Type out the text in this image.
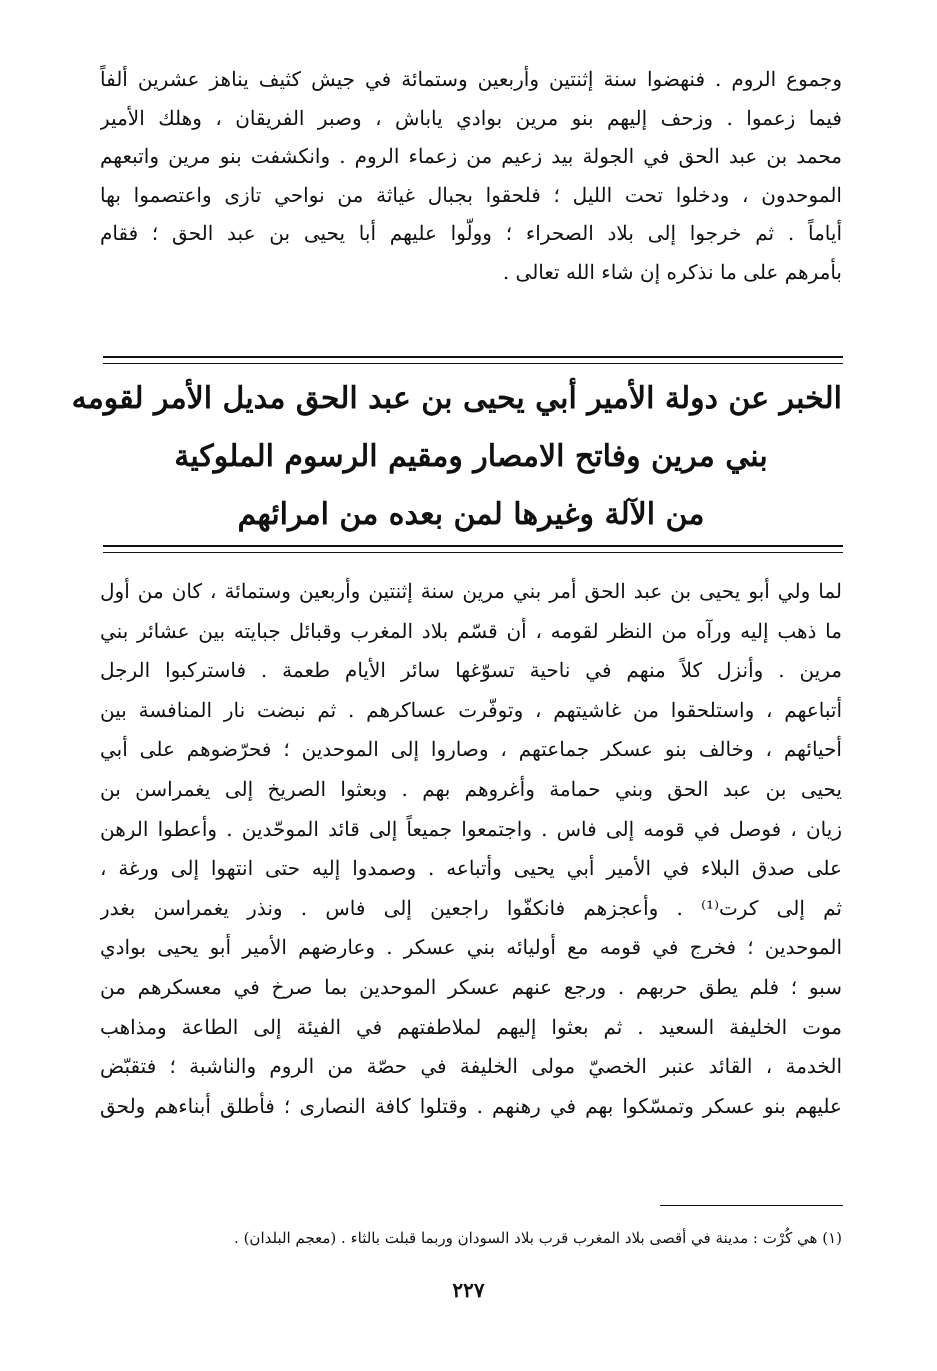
وجموع الروم . فنهضوا سنة إثنتين وأربعين وستمائة في جيش كثيف يناهز عشرين ألفاً
فيما زعموا . وزحف إليهم بنو مرين بوادي ياباش ، وصبر الفريقان ، وهلك الأمير
محمد بن عبد الحق في الجولة بيد زعيم من زعماء الروم . وانكشفت بنو مرين واتبعهم
الموحدون ، ودخلوا تحت الليل ؛ فلحقوا بجبال غياثة من نواحي تازى واعتصموا بها
أياماً . ثم خرجوا إلى بلاد الصحراء ؛ وولّوا عليهم أبا يحيى بن عبد الحق ؛ فقام
بأمرهم على ما نذكره إن شاء الله تعالى .
الخبر عن دولة الأمير أبي يحيى بن عبد الحق مديل الأمر لقومه
بني مرين وفاتح الامصار ومقيم الرسوم الملوكية
من الآلة وغيرها لمن بعده من امرائهم
لما ولي أبو يحيى بن عبد الحق أمر بني مرين سنة إثنتين وأربعين وستمائة ، كان من أول
ما ذهب إليه ورآه من النظر لقومه ، أن قسّم بلاد المغرب وقبائل جبايته بين عشائر بني
مرين . وأنزل كلاً منهم في ناحية تسوّغها سائر الأيام طعمة . فاستركبوا الرجل
أتباعهم ، واستلحقوا من غاشيتهم ، وتوفّرت عساكرهم . ثم نبضت نار المنافسة بين
أحيائهم ، وخالف بنو عسكر جماعتهم ، وصاروا إلى الموحدين ؛ فحرّضوهم على أبي
يحيى بن عبد الحق وبني حمامة وأغروهم بهم . وبعثوا الصريخ إلى يغمراسن بن
زيان ، فوصل في قومه إلى فاس . واجتمعوا جميعاً إلى قائد الموحّدين . وأعطوا الرهن
على صدق البلاء في الأمير أبي يحيى وأتباعه . وصمدوا إليه حتى انتهوا إلى ورغة ،
ثم إلى كرت⁽¹⁾ . وأعجزهم فانكفّوا راجعين إلى فاس . ونذر يغمراسن بغدر
الموحدين ؛ فخرج في قومه مع أوليائه بني عسكر . وعارضهم الأمير أبو يحيى بوادي
سبو ؛ فلم يطق حربهم . ورجع عنهم عسكر الموحدين بما صرخ في معسكرهم من
موت الخليفة السعيد . ثم بعثوا إليهم لملاطفتهم في الفيئة إلى الطاعة ومذاهب
الخدمة ، القائد عنبر الخصيّ مولى الخليفة في حصّة من الروم والناشبة ؛ فتقبّض
عليهم بنو عسكر وتمسّكوا بهم في رهنهم . وقتلوا كافة النصارى ؛ فأطلق أبناءهم ولحق
(١) هي كُرْت : مدينة في أقصى بلاد المغرب قرب بلاد السودان وربما قبلت بالثاء . (معجم البلدان) .
٢٢٧
